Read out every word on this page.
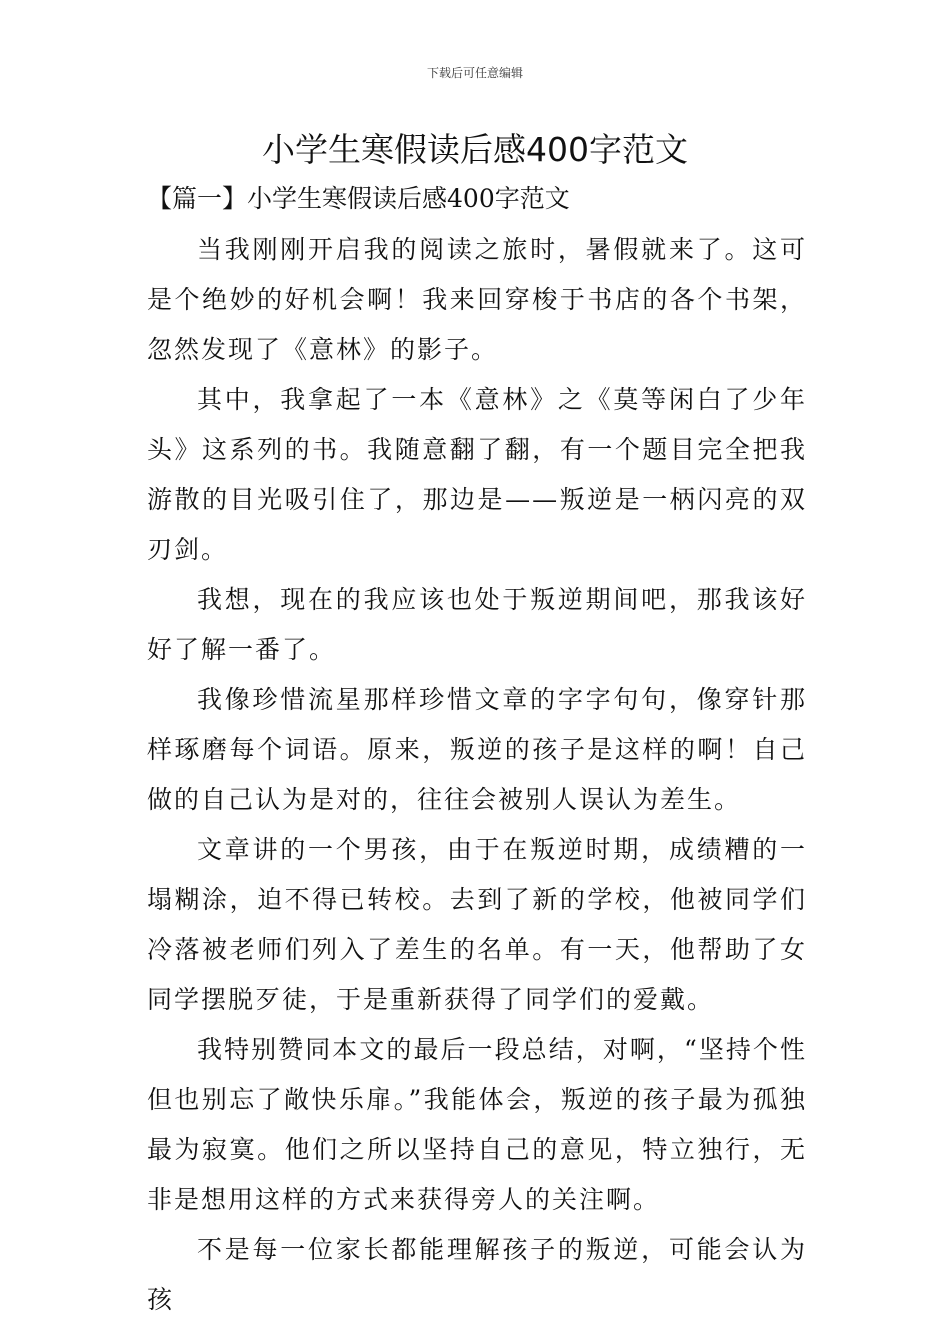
下载后可任意编辑
小学生寒假读后感400字范文
【篇一】小学生寒假读后感400字范文

当我刚刚开启我的阅读之旅时，暑假就来了。这可是个绝妙的好机会啊！我来回穿梭于书店的各个书架，忽然发现了《意林》的影子。

其中，我拿起了一本《意林》之《莫等闲白了少年头》这系列的书。我随意翻了翻，有一个题目完全把我游散的目光吸引住了，那边是——叛逆是一柄闪亮的双刃剑。

我想，现在的我应该也处于叛逆期间吧，那我该好好了解一番了。

我像珍惜流星那样珍惜文章的字字句句，像穿针那样琢磨每个词语。原来，叛逆的孩子是这样的啊！自己做的自己认为是对的，往往会被别人误认为差生。

文章讲的一个男孩，由于在叛逆时期，成绩糟的一塌糊涂，迫不得已转校。去到了新的学校，他被同学们冷落被老师们列入了差生的名单。有一天，他帮助了女同学摆脱歹徒，于是重新获得了同学们的爱戴。

我特别赞同本文的最后一段总结，对啊，“坚持个性但也别忘了敞快乐扉。”我能体会，叛逆的孩子最为孤独最为寂寞。他们之所以坚持自己的意见，特立独行，无非是想用这样的方式来获得旁人的关注啊。

不是每一位家长都能理解孩子的叛逆，可能会认为孩
